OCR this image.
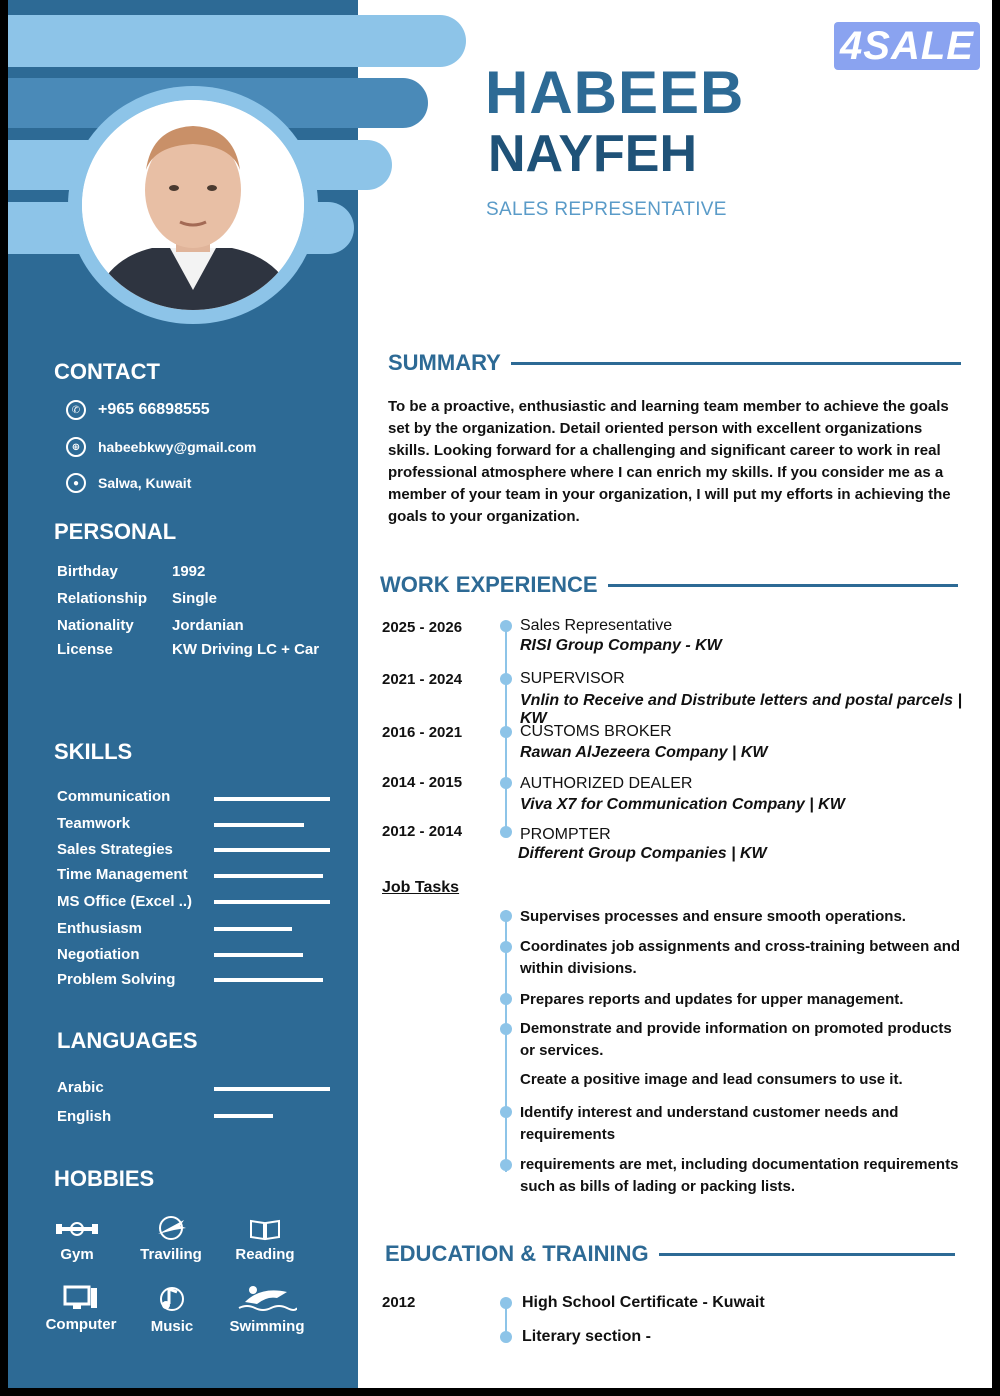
CONTACT
✆	+965 66898555
⊕	habeebkwy@gmail.com
●	Salwa, Kuwait
PERSONAL
Birthday	1992
Relationship Single
Nationality	Jordanian
License	KW Driving LC + Car
SKILLS
Communication
Teamwork
Sales Strategies
Time Management
MS Office (Excel ..)
Enthusiasm
Negotiation
Problem Solving
LANGUAGES
Arabic
English
HOBBIES
Gym	Traviling	Reading
Computer	Music	Swimming
4SALE
HABEEB
NAYFEH
SALES REPRESENTATIVE
SUMMARY
To be a proactive, enthusiastic and learning team member to achieve the goals set by the organization. Detail oriented person with excellent organizations skills. Looking forward for a challenging and significant career to work in real professional atmosphere where I can enrich my skills. If you consider me as a member of your team in your organization, I will put my efforts in achieving the goals to your organization.
WORK EXPERIENCE
2025 - 2026	Sales Representative
RISI Group Company - KW
2021 - 2024	SUPERVISOR
Vnlin to Receive and Distribute letters and postal parcels | KW
2016 - 2021	CUSTOMS BROKER
Rawan AlJezeera Company | KW
2014 - 2015	AUTHORIZED DEALER
Viva X7 for Communication Company | KW
2012 - 2014	PROMPTER
Different Group Companies | KW
Job Tasks
Supervises processes and ensure smooth operations.
Coordinates job assignments and cross-training between and within divisions.
Prepares reports and updates for upper management.
Demonstrate and provide information on promoted products or services.
Create a positive image and lead consumers to use it.
Identify interest and understand customer needs and requirements
requirements are met, including documentation requirements such as bills of lading or packing lists.
EDUCATION & TRAINING
2012	High School Certificate - Kuwait
Literary section -
